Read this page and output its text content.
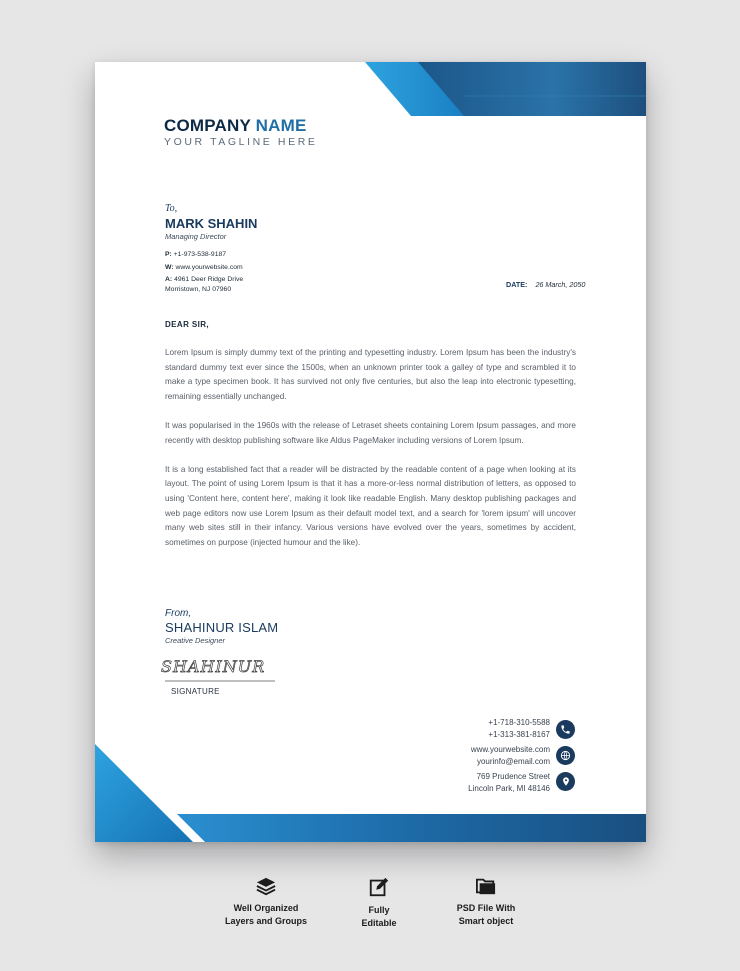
COMPANY NAME
YOUR TAGLINE HERE
To,
MARK SHAHIN
Managing Director
P: +1-973-538-9187
W: www.yourwebsite.com
A: 4961 Deer Ridge Drive
Morristown, NJ 07960	DATE: 26 March, 2050
DEAR SIR,

Lorem Ipsum is simply dummy text of the printing and typesetting industry. Lorem Ipsum has been the industry's standard dummy text ever since the 1500s, when an unknown printer took a galley of type and scrambled it to make a type specimen book. It has survived not only five centuries, but also the leap into electronic typesetting, remaining essentially unchanged.

It was popularised in the 1960s with the release of Letraset sheets containing Lorem Ipsum passages, and more recently with desktop publishing software like Aldus PageMaker including versions of Lorem Ipsum.

It is a long established fact that a reader will be distracted by the readable content of a page when looking at its layout. The point of using Lorem Ipsum is that it has a more-or-less normal distribution of letters, as opposed to using 'Content here, content here', making it look like readable English. Many desktop publishing packages and web page editors now use Lorem Ipsum as their default model text, and a search for 'lorem ipsum' will uncover many web sites still in their infancy. Various versions have evolved over the years, sometimes by accident, sometimes on purpose (injected humour and the like).

From,
SHAHINUR ISLAM
Creative Designer
SHAHINUR
SIGNATURE
+1-718-310-5588
+1-313-381-8167
www.yourwebsite.com
yourinfo@email.com
769 Prudence Street
Lincoln Park, MI 48146
Well Organized
Layers and Groups
Fully
Editable
PSD File With
Smart object
